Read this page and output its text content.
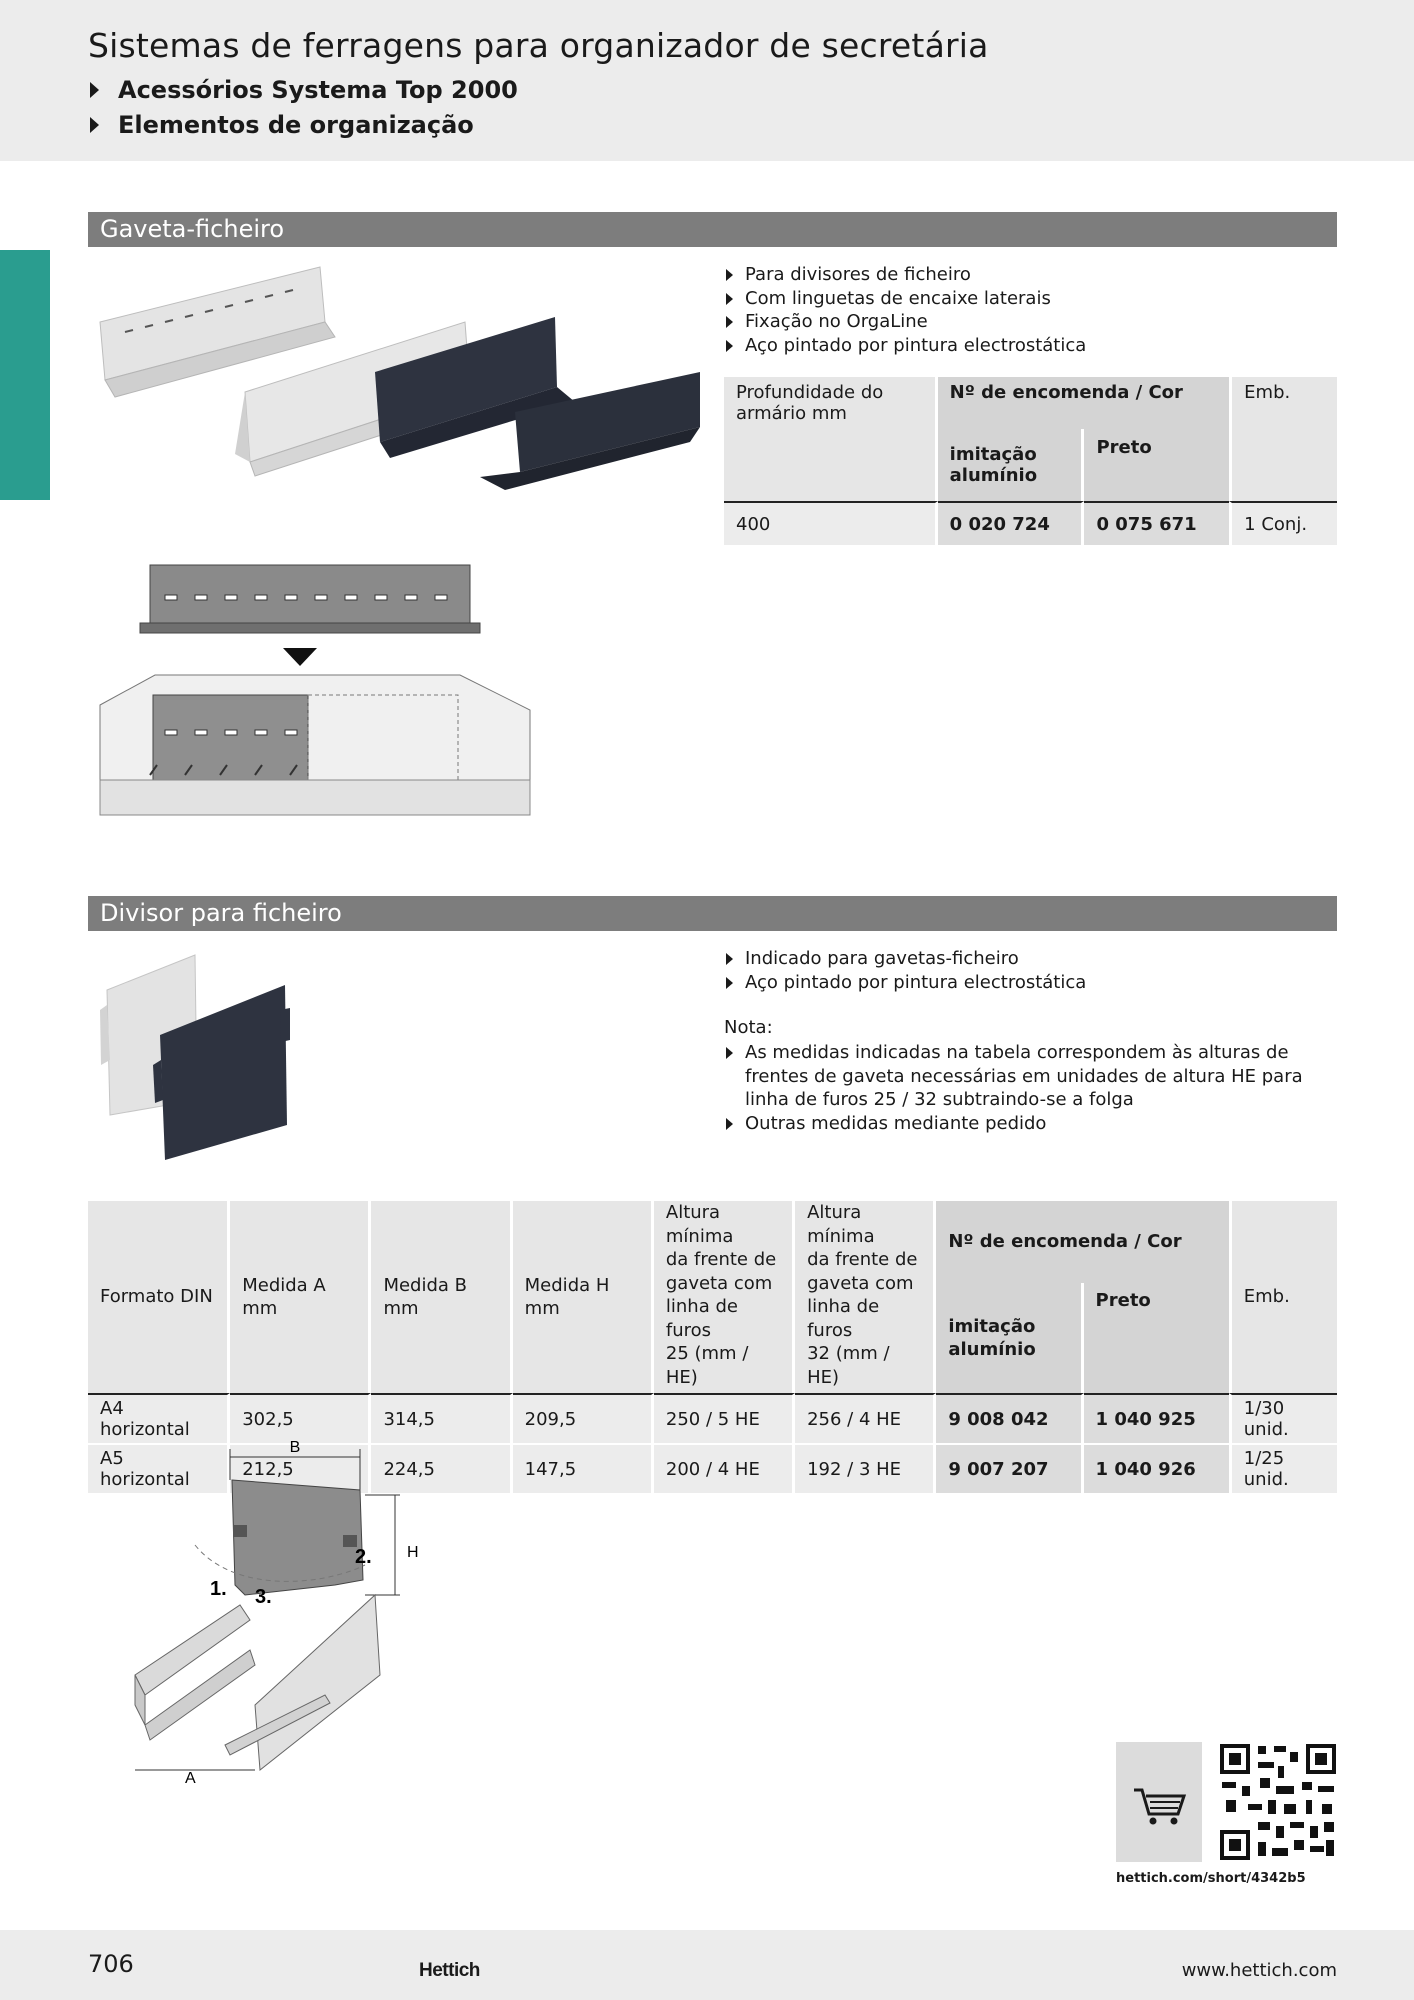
Sistemas de ferragens para organizador de secretária
Acessórios Systema Top 2000
Elementos de organização
Gaveta-ficheiro
Para divisores de ficheiro
Com linguetas de encaixe laterais
Fixação no OrgaLine
Aço pintado por pintura electrostática
Profundidade do
armário mm	Nº de encomenda / Cor		Emb.
	imitação
alumínio	Preto	
400	0 020 724	0 075 671	1 Conj.
Divisor para ficheiro
Indicado para gavetas-ficheiro
Aço pintado por pintura electrostática
Nota:
As medidas indicadas na tabela correspondem às alturas de frentes de gaveta necessárias em unidades de altura HE para linha de furos 25 / 32 subtraindo-se a folga
Outras medidas mediante pedido
Formato DIN	Medida A mm	Medida B mm	Medida H mm	Altura mínima
da frente de
gaveta com
linha de furos
25 (mm / HE)	Altura mínima
da frente de
gaveta com
linha de furos
32 (mm / HE)	Nº de encomenda / Cor		Emb.
						imitação
alumínio	Preto	
A4 horizontal	302,5	314,5	209,5	250 / 5 HE	256 / 4 HE	9 008 042	1 040 925	1/30 unid.
A5 horizontal	212,5	224,5	147,5	200 / 4 HE	192 / 3 HE	9 007 207	1 040 926	1/25 unid.
B
H
2.
1. 3.
A
hettich.com/short/4342b5
706	Hettich	www.hettich.com
